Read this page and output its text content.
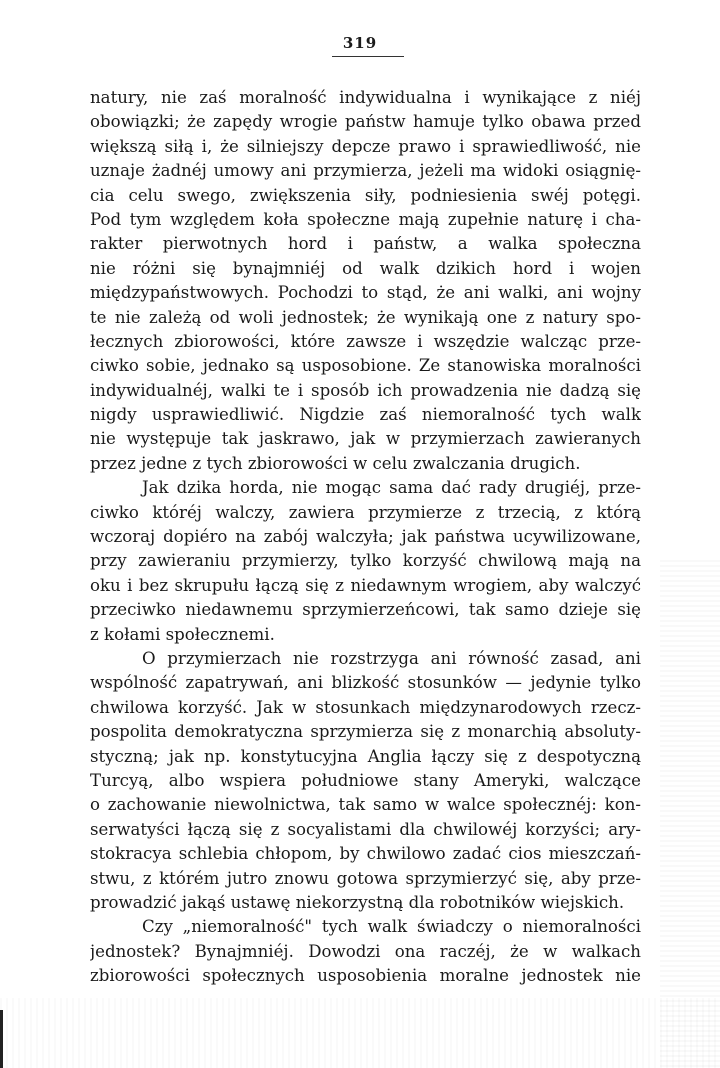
319
natury, nie zaś moralność indywidualna i wynikające z niéj
obowiązki; że zapędy wrogie państw hamuje tylko obawa przed
większą siłą i, że silniejszy depcze prawo i sprawiedliwość, nie
uznaje żadnéj umowy ani przymierza, jeżeli ma widoki osiągnię-
cia celu swego, zwiększenia siły, podniesienia swéj potęgi.
Pod tym względem koła społeczne mają zupełnie naturę i cha-
rakter pierwotnych hord i państw, a walka społeczna
nie różni się bynajmniéj od walk dzikich hord i wojen
międzypaństwowych. Pochodzi to stąd, że ani walki, ani wojny
te nie zależą od woli jednostek; że wynikają one z natury spo-
łecznych zbiorowości, które zawsze i wszędzie walcząc prze-
ciwko sobie, jednako są usposobione. Ze stanowiska moralności
indywidualnéj, walki te i sposób ich prowadzenia nie dadzą się
nigdy usprawiedliwić. Nigdzie zaś niemoralność tych walk
nie występuje tak jaskrawo, jak w przymierzach zawieranych
przez jedne z tych zbiorowości w celu zwalczania drugich.
Jak dzika horda, nie mogąc sama dać rady drugiéj, prze-
ciwko któréj walczy, zawiera przymierze z trzecią, z którą
wczoraj dopiéro na zabój walczyła; jak państwa ucywilizowane,
przy zawieraniu przymierzy, tylko korzyść chwilową mają na
oku i bez skrupułu łączą się z niedawnym wrogiem, aby walczyć
przeciwko niedawnemu sprzymierzeńcowi, tak samo dzieje się
z kołami społecznemi.
O przymierzach nie rozstrzyga ani równość zasad, ani
wspólność zapatrywań, ani blizkość stosunków — jedynie tylko
chwilowa korzyść. Jak w stosunkach międzynarodowych rzecz-
pospolita demokratyczna sprzymierza się z monarchią absoluty-
styczną; jak np. konstytucyjna Anglia łączy się z despotyczną
Turcyą, albo wspiera południowe stany Ameryki, walczące
o zachowanie niewolnictwa, tak samo w walce społecznéj: kon-
serwatyści łączą się z socyalistami dla chwilowéj korzyści; ary-
stokracya schlebia chłopom, by chwilowo zadać cios mieszczań-
stwu, z którém jutro znowu gotowa sprzymierzyć się, aby prze-
prowadzić jakąś ustawę niekorzystną dla robotników wiejskich.
Czy „niemoralność" tych walk świadczy o niemoralności
jednostek? Bynajmniéj. Dowodzi ona raczéj, że w walkach
zbiorowości społecznych usposobienia moralne jednostek nie
